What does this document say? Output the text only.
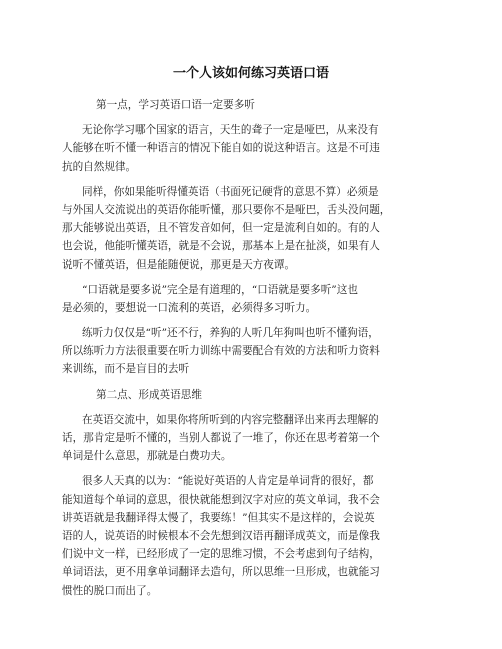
一个人该如何练习英语口语
第一点，学习英语口语一定要多听
无论你学习哪个国家的语言，天生的聋子一定是哑巴，从来没有
人能够在听不懂一种语言的情况下能自如的说这种语言。这是不可违
抗的自然规律。
同样，你如果能听得懂英语（书面死记硬背的意思不算）必须是
与外国人交流说出的英语你能听懂，那只要你不是哑巴，舌头没问题，
那大能够说出英语，且不管发音如何，但一定是流利自如的。有的人
也会说，他能听懂英语，就是不会说，那基本上是在扯淡，如果有人
说听不懂英语，但是能随便说，那更是天方夜谭。
“口语就是要多说”完全是有道理的，“口语就是要多听”这也
是必须的，要想说一口流利的英语，必须得多习听力。
练听力仅仅是“听”还不行，养狗的人听几年狗叫也听不懂狗语，
所以练听力方法很重要在听力训练中需要配合有效的方法和听力资料
来训练，而不是盲目的去听
第二点、形成英语思维
在英语交流中，如果你将所听到的内容完整翻译出来再去理解的
话，那肯定是听不懂的，当别人都说了一堆了，你还在思考着第一个
单词是什么意思，那就是白费功夫。
很多人天真的以为：“能说好英语的人肯定是单词背的很好，都
能知道每个单词的意思，很快就能想到汉字对应的英文单词，我不会
讲英语就是我翻译得太慢了，我要练！”但其实不是这样的，会说英
语的人，说英语的时候根本不会先想到汉语再翻译成英文，而是像我
们说中文一样，已经形成了一定的思维习惯，不会考虑到句子结构，
单词语法，更不用拿单词翻译去造句，所以思维一旦形成，也就能习
惯性的脱口而出了。
